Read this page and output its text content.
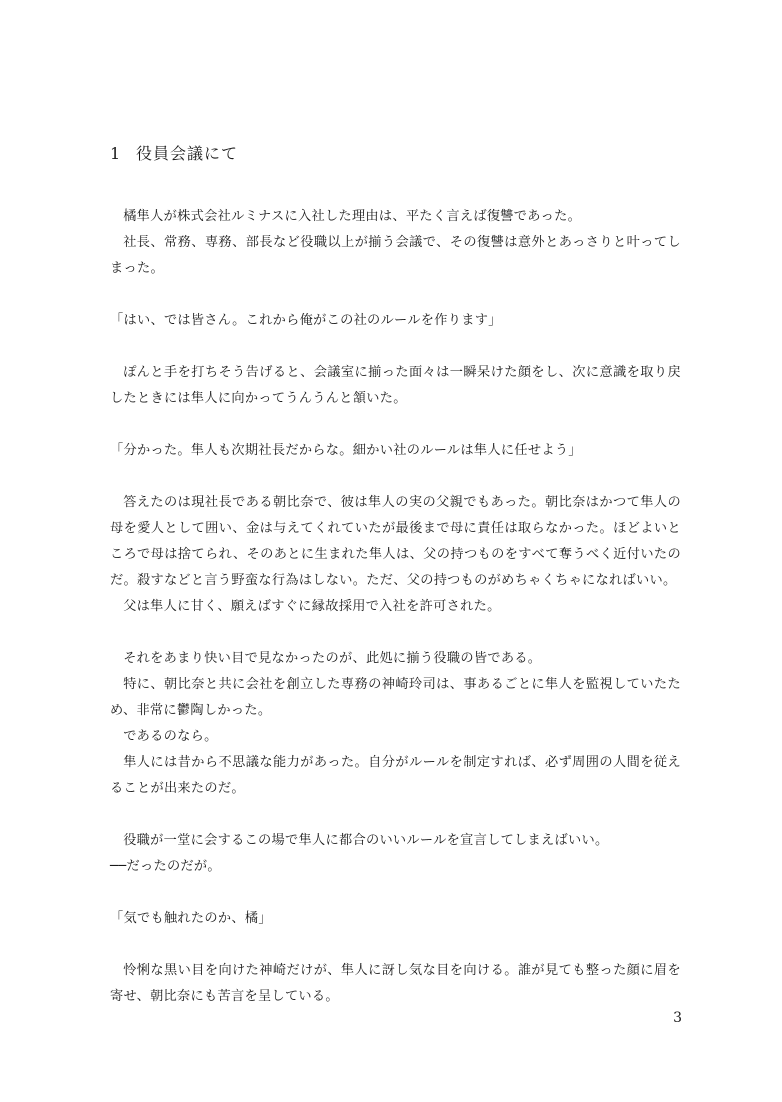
1 役員会議にて

橘隼人が株式会社ルミナスに入社した理由は、平たく言えば復讐であった。

社長、常務、専務、部長など役職以上が揃う会議で、その復讐は意外とあっさりと叶ってしまった。

「はい、では皆さん。これから俺がこの社のルールを作ります」

ぽんと手を打ちそう告げると、会議室に揃った面々は一瞬呆けた顔をし、次に意識を取り戻したときには隼人に向かってうんうんと頷いた。

「分かった。隼人も次期社長だからな。細かい社のルールは隼人に任せよう」

答えたのは現社長である朝比奈で、彼は隼人の実の父親でもあった。朝比奈はかつて隼人の母を愛人として囲い、金は与えてくれていたが最後まで母に責任は取らなかった。ほどよいところで母は捨てられ、そのあとに生まれた隼人は、父の持つものをすべて奪うべく近付いたのだ。殺すなどと言う野蛮な行為はしない。ただ、父の持つものがめちゃくちゃになればいい。

父は隼人に甘く、願えばすぐに縁故採用で入社を許可された。

それをあまり快い目で見なかったのが、此処に揃う役職の皆である。

特に、朝比奈と共に会社を創立した専務の神崎玲司は、事あるごとに隼人を監視していたため、非常に鬱陶しかった。

であるのなら。

隼人には昔から不思議な能力があった。自分がルールを制定すれば、必ず周囲の人間を従えることが出来たのだ。

役職が一堂に会するこの場で隼人に都合のいいルールを宣言してしまえばいい。

──だったのだが。

「気でも触れたのか、橘」

怜悧な黒い目を向けた神崎だけが、隼人に訝し気な目を向ける。誰が見ても整った顔に眉を寄せ、朝比奈にも苦言を呈している。

3
